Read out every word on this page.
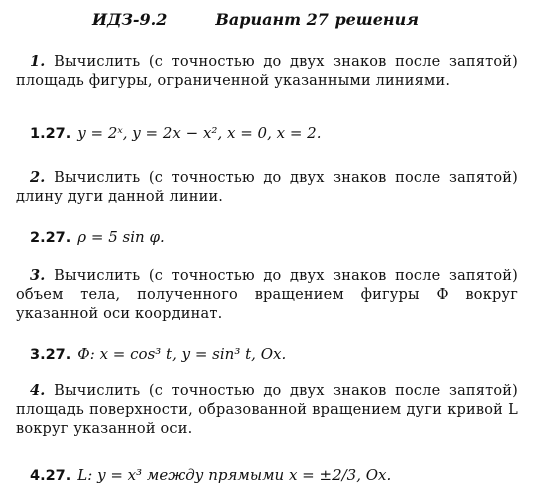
ИДЗ-9.2	Вариант 27 решения
1. Вычислить (с точностью до двух знаков после запятой) площадь фигуры, ограниченной указанными линиями.
1.27. y = 2ˣ, y = 2x − x², x = 0, x = 2.
2. Вычислить (с точностью до двух знаков после запятой) длину дуги данной линии.
2.27. ρ = 5 sin φ.
3. Вычислить (с точностью до двух знаков после запятой) объем тела, полученного вращением фигуры Ф вокруг указанной оси координат.
3.27. Ф: x = cos³ t, y = sin³ t, Ox.
4. Вычислить (с точностью до двух знаков после запятой) площадь поверхности, образованной вращением дуги кривой L вокруг указанной оси.
4.27. L: y = x³ между прямыми x = ±2/3, Ox.
